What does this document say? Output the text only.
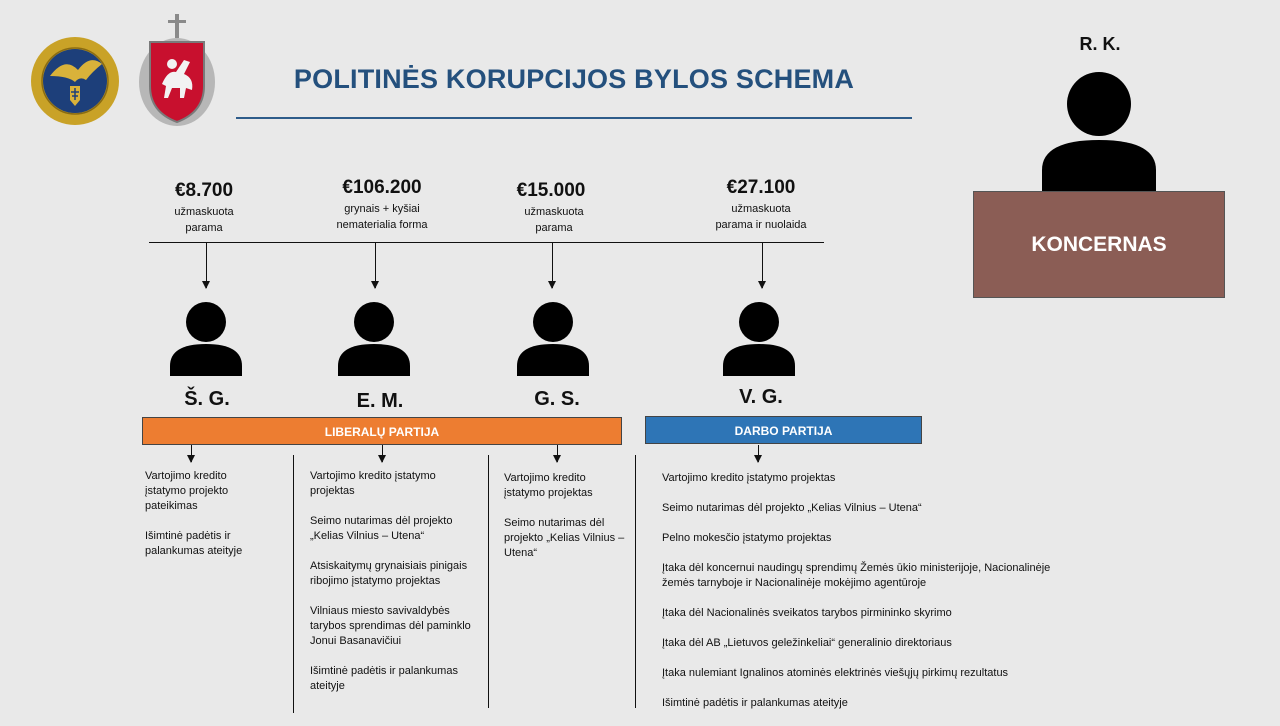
POLITINĖS KORUPCIJOS BYLOS SCHEMA
€8.700
užmaskuota
parama
€106.200
grynais + kyšiai
nematerialia forma
€15.000
užmaskuota
parama
€27.100
užmaskuota
parama ir nuolaida
Š. G.	E. M.	G. S.	V. G.
LIBERALŲ PARTIJA	DARBO PARTIJA

Vartojimo kredito įstatymo projekto pateikimas

Išimtinė padėtis ir palankumas ateityje

Vartojimo kredito įstatymo projektas

Seimo nutarimas dėl projekto „Kelias Vilnius – Utena“

Atsiskaitymų grynaisiais pinigais ribojimo įstatymo projektas

Vilniaus miesto savivaldybės tarybos sprendimas dėl paminklo Jonui Basanavičiui

Išimtinė padėtis ir palankumas ateityje

Vartojimo kredito įstatymo projektas

Seimo nutarimas dėl projekto „Kelias Vilnius – Utena“

Vartojimo kredito įstatymo projektas

Seimo nutarimas dėl projekto „Kelias Vilnius – Utena“

Pelno mokesčio įstatymo projektas

Įtaka dėl koncernui naudingų sprendimų Žemės ūkio ministerijoje, Nacionalinėje žemės tarnyboje ir Nacionalinėje mokėjimo agentūroje

Įtaka dėl Nacionalinės sveikatos tarybos pirmininko skyrimo

Įtaka dėl AB „Lietuvos geležinkeliai“ generalinio direktoriaus

Įtaka nulemiant Ignalinos atominės elektrinės viešųjų pirkimų rezultatus

Išimtinė padėtis ir palankumas ateityje

R. K.
KONCERNAS
